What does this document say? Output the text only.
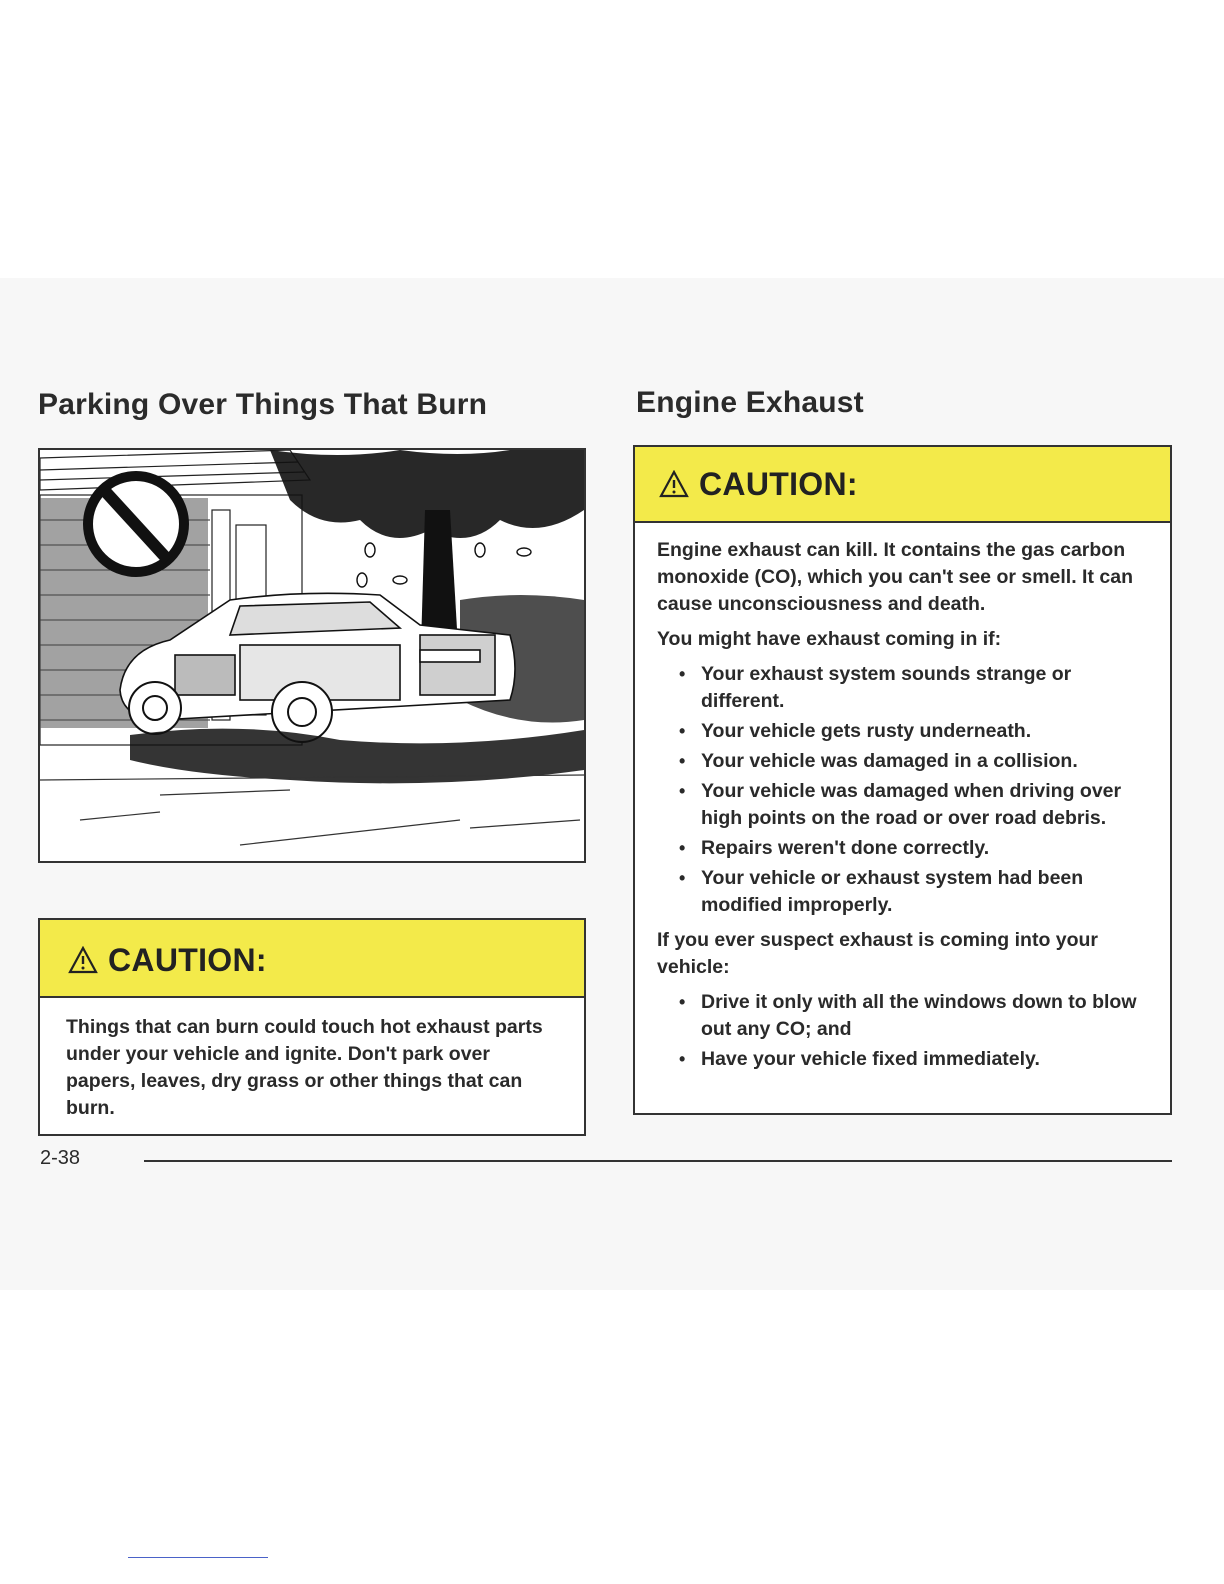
Parking Over Things That Burn
CAUTION:

Things that can burn could touch hot exhaust parts under your vehicle and ignite. Don't park over papers, leaves, dry grass or other things that can burn.

Engine Exhaust
CAUTION:

Engine exhaust can kill. It contains the gas carbon monoxide (CO), which you can't see or smell. It can cause unconsciousness and death.

You might have exhaust coming in if:

• Your exhaust system sounds strange or different.
• Your vehicle gets rusty underneath.
• Your vehicle was damaged in a collision.
• Your vehicle was damaged when driving over high points on the road or over road debris.
• Repairs weren't done correctly.
• Your vehicle or exhaust system had been modified improperly.

If you ever suspect exhaust is coming into your vehicle:

• Drive it only with all the windows down to blow out any CO; and
• Have your vehicle fixed immediately.
2-38
